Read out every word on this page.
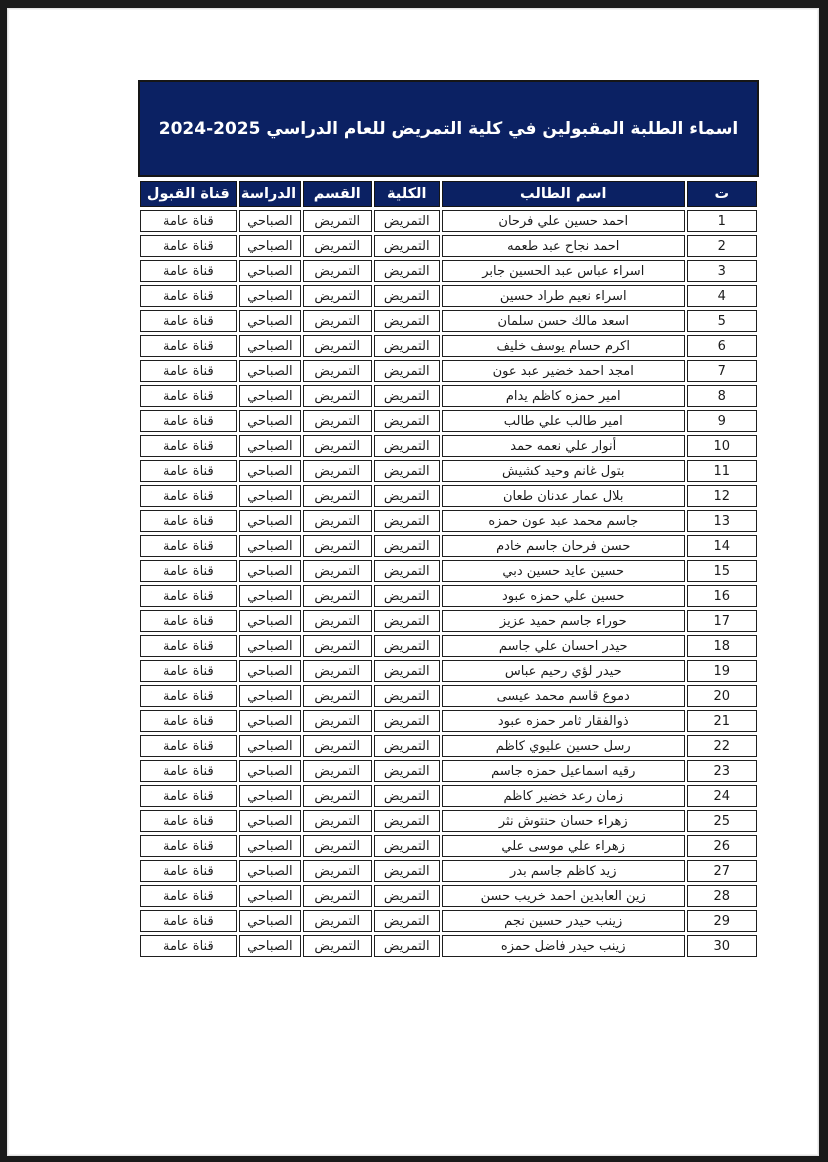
اسماء الطلبة المقبولين في كلية التمريض للعام الدراسي 2025-2024
ت	اسم الطالب	الكلية	القسم	الدراسة	قناة القبول
1	احمد حسين علي فرحان	التمريض	التمريض	الصباحي	قناة عامة
2	احمد نجاح عبد طعمه	التمريض	التمريض	الصباحي	قناة عامة
3	اسراء عباس عبد الحسين جابر	التمريض	التمريض	الصباحي	قناة عامة
4	اسراء نعيم طراد حسين	التمريض	التمريض	الصباحي	قناة عامة
5	اسعد مالك حسن سلمان	التمريض	التمريض	الصباحي	قناة عامة
6	اكرم حسام يوسف خليف	التمريض	التمريض	الصباحي	قناة عامة
7	امجد احمد خضير عبد عون	التمريض	التمريض	الصباحي	قناة عامة
8	امير حمزه كاظم يدام	التمريض	التمريض	الصباحي	قناة عامة
9	امير طالب علي طالب	التمريض	التمريض	الصباحي	قناة عامة
10	أنوار علي نعمه حمد	التمريض	التمريض	الصباحي	قناة عامة
11	بتول غانم وحيد كشيش	التمريض	التمريض	الصباحي	قناة عامة
12	بلال عمار عدنان طعان	التمريض	التمريض	الصباحي	قناة عامة
13	جاسم محمد عبد عون حمزه	التمريض	التمريض	الصباحي	قناة عامة
14	حسن فرحان جاسم خادم	التمريض	التمريض	الصباحي	قناة عامة
15	حسين عايد حسين دبي	التمريض	التمريض	الصباحي	قناة عامة
16	حسين علي حمزه عبود	التمريض	التمريض	الصباحي	قناة عامة
17	حوراء جاسم حميد عزيز	التمريض	التمريض	الصباحي	قناة عامة
18	حيدر احسان علي جاسم	التمريض	التمريض	الصباحي	قناة عامة
19	حيدر لؤي رحيم عباس	التمريض	التمريض	الصباحي	قناة عامة
20	دموع قاسم محمد عيسى	التمريض	التمريض	الصباحي	قناة عامة
21	ذوالفقار ثامر حمزه عبود	التمريض	التمريض	الصباحي	قناة عامة
22	رسل حسين عليوي كاظم	التمريض	التمريض	الصباحي	قناة عامة
23	رقيه اسماعيل حمزه جاسم	التمريض	التمريض	الصباحي	قناة عامة
24	زمان رعد خضير كاظم	التمريض	التمريض	الصباحي	قناة عامة
25	زهراء حسان حنتوش نثر	التمريض	التمريض	الصباحي	قناة عامة
26	زهراء علي موسى علي	التمريض	التمريض	الصباحي	قناة عامة
27	زيد كاظم جاسم بدر	التمريض	التمريض	الصباحي	قناة عامة
28	زين العابدين احمد خريب حسن	التمريض	التمريض	الصباحي	قناة عامة
29	زينب حيدر حسين نجم	التمريض	التمريض	الصباحي	قناة عامة
30	زينب حيدر فاضل حمزه	التمريض	التمريض	الصباحي	قناة عامة
